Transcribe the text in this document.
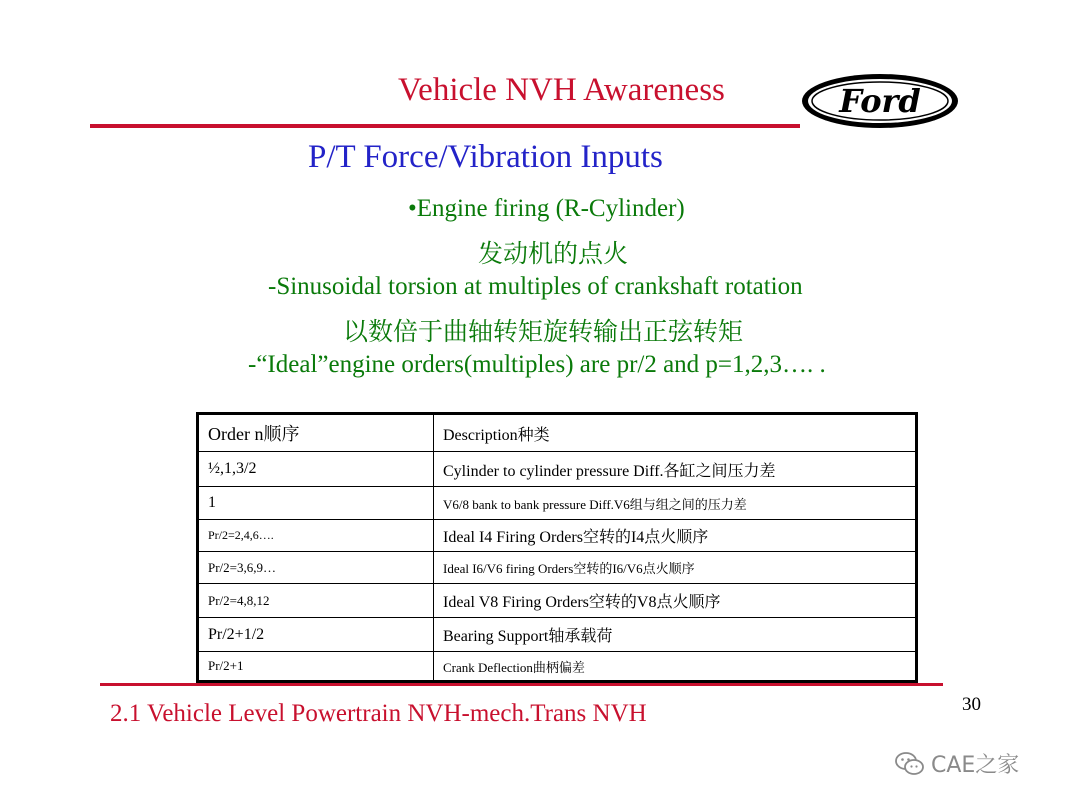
Vehicle NVH Awareness	Ford
P/T Force/Vibration Inputs
•Engine firing (R-Cylinder)
发动机的点火
-Sinusoidal torsion at multiples of crankshaft rotation
以数倍于曲轴转矩旋转输出正弦转矩
-“Ideal”engine orders(multiples) are pr/2 and p=1,2,3…. .
Order n顺序	Description种类
½,1,3/2	Cylinder to cylinder pressure Diff.各缸之间压力差
1	V6/8 bank to bank pressure Diff.V6组与组之间的压力差
Pr/2=2,4,6….	Ideal I4 Firing Orders空转的I4点火顺序
Pr/2=3,6,9…	Ideal I6/V6 firing Orders空转的I6/V6点火顺序
Pr/2=4,8,12	Ideal V8 Firing Orders空转的V8点火顺序
Pr/2+1/2	Bearing Support轴承载荷
Pr/2+1	Crank Deflection曲柄偏差
2.1 Vehicle Level Powertrain NVH-mech.Trans NVH	30
CAE之家
